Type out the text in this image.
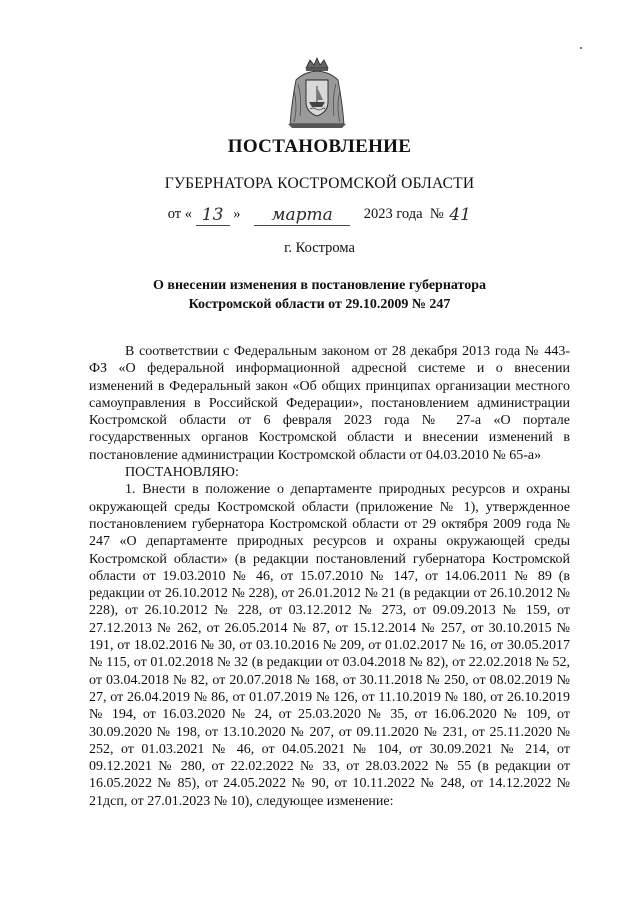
ПОСТАНОВЛЕНИЕ
ГУБЕРНАТОРА КОСТРОМСКОЙ ОБЛАСТИ
от « 13 » марта 2023 года № 41
г. Кострома
О внесении изменения в постановление губернатора
Костромской области от 29.10.2009 № 247

В соответствии с Федеральным законом от 28 декабря 2013 года № 443-ФЗ «О федеральной информационной адресной системе и о внесении изменений в Федеральный закон «Об общих принципах организации местного самоуправления в Российской Федерации», постановлением администрации Костромской области от 6 февраля 2023 года № 27-а «О портале государственных органов Костромской области и внесении изменений в постановление администрации Костромской области от 04.03.2010 № 65-а»

ПОСТАНОВЛЯЮ:

1. Внести в положение о департаменте природных ресурсов и охраны окружающей среды Костромской области (приложение № 1), утвержденное постановлением губернатора Костромской области от 29 октября 2009 года № 247 «О департаменте природных ресурсов и охраны окружающей среды Костромской области» (в редакции постановлений губернатора Костромской области от 19.03.2010 № 46, от 15.07.2010 № 147, от 14.06.2011 № 89 (в редакции от 26.10.2012 № 228), от 26.01.2012 № 21 (в редакции от 26.10.2012 № 228), от 26.10.2012 № 228, от 03.12.2012 № 273, от 09.09.2013 № 159, от 27.12.2013 № 262, от 26.05.2014 № 87, от 15.12.2014 № 257, от 30.10.2015 № 191, от 18.02.2016 № 30, от 03.10.2016 № 209, от 01.02.2017 № 16, от 30.05.2017 № 115, от 01.02.2018 № 32 (в редакции от 03.04.2018 № 82), от 22.02.2018 № 52, от 03.04.2018 № 82, от 20.07.2018 № 168, от 30.11.2018 № 250, от 08.02.2019 № 27, от 26.04.2019 № 86, от 01.07.2019 № 126, от 11.10.2019 № 180, от 26.10.2019 № 194, от 16.03.2020 № 24, от 25.03.2020 № 35, от 16.06.2020 № 109, от 30.09.2020 № 198, от 13.10.2020 № 207, от 09.11.2020 № 231, от 25.11.2020 № 252, от 01.03.2021 № 46, от 04.05.2021 № 104, от 30.09.2021 № 214, от 09.12.2021 № 280, от 22.02.2022 № 33, от 28.03.2022 № 55 (в редакции от 16.05.2022 № 85), от 24.05.2022 № 90, от 10.11.2022 № 248, от 14.12.2022 № 21дсп, от 27.01.2023 № 10), следующее изменение:
